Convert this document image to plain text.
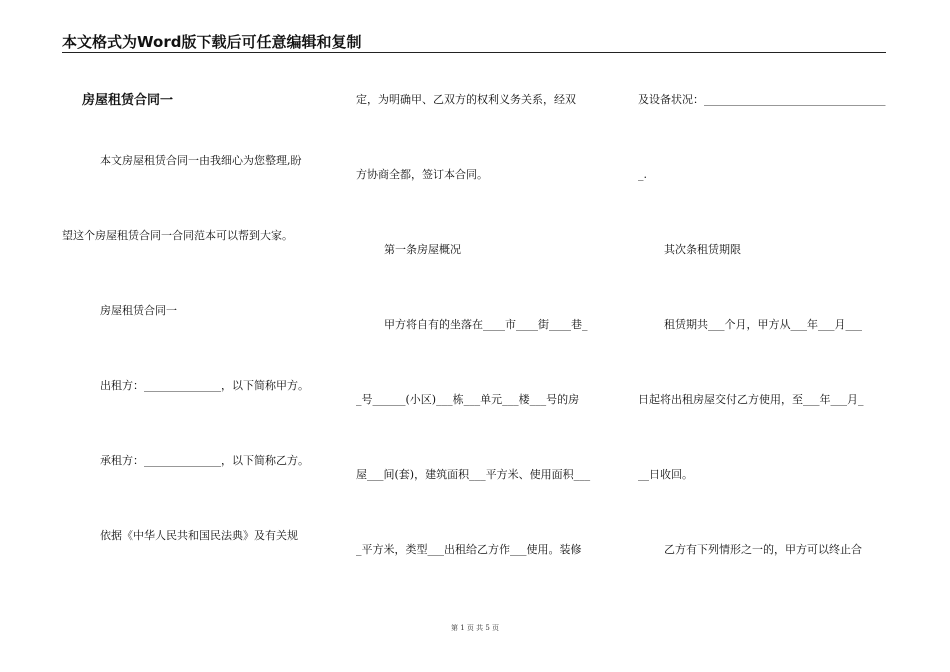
本文格式为Word版下载后可任意编辑和复制
房屋租赁合同一
本文房屋租赁合同一由我细心为您整理,盼
望这个房屋租赁合同一合同范本可以帮到大家。
房屋租赁合同一
出租方：______________，以下简称甲方。
承租方：______________，以下简称乙方。
依据《中华人民共和国民法典》及有关规
定，为明确甲、乙双方的权利义务关系，经双
方协商全都，签订本合同。
第一条房屋概况
甲方将自有的坐落在____市____街____巷_
_号______(小区)___栋___单元___楼___号的房
屋___间(套)，建筑面积___平方米、使用面积___
_平方米，类型___出租给乙方作___使用。装修
及设备状况：_________________________________
_.
其次条租赁期限
租赁期共___个月，甲方从___年___月___
日起将出租房屋交付乙方使用，至___年___月_
__日收回。
乙方有下列情形之一的，甲方可以终止合
第 1 页 共 5 页
